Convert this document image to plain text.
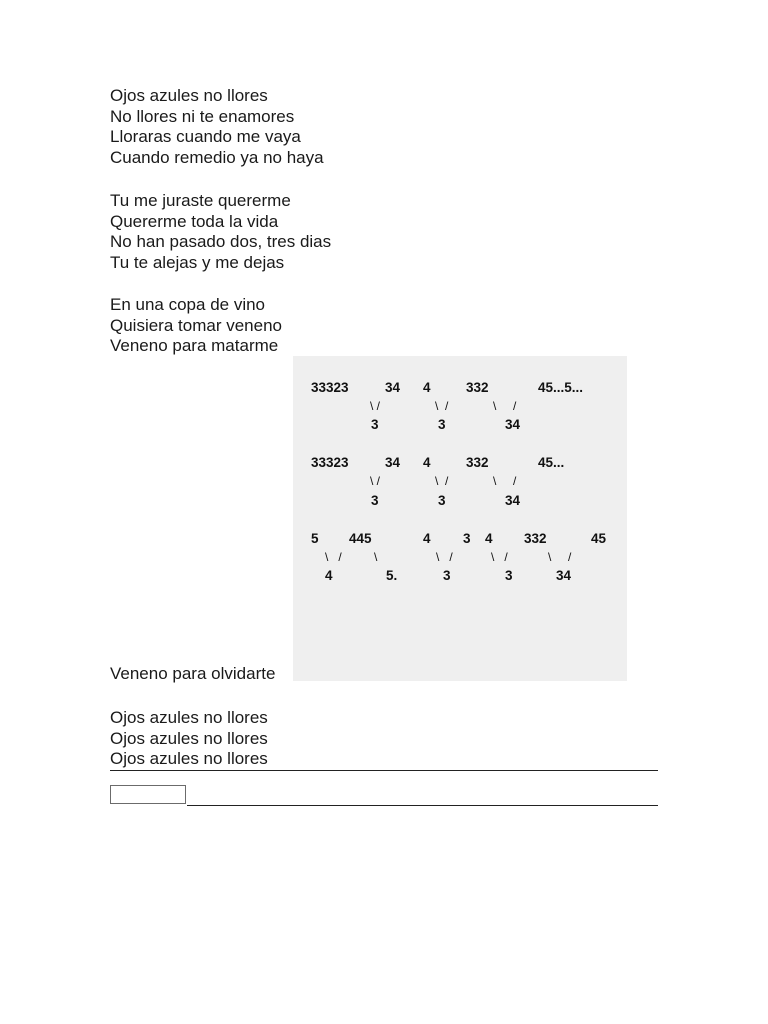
Ojos azules no llores
No llores ni te enamores
Lloraras cuando me vaya
Cuando remedio ya no haya
Tu me juraste quererme
Quererme toda la vida
No han pasado dos, tres dias
Tu te alejas y me dejas
En una copa de vino
Quisiera tomar veneno
Veneno para matarme
33323	34 4	332	45...5...
\ /	\  /	\     /
3	3	34
33323	34 4	332	45...
\ /	\  /	\     /
3	3	34
5 445	4 3 4 332	45
\   /	\	\   /	\   /	\     /
4	5.	3	3	34
Veneno para olvidarte
Ojos azules no llores
Ojos azules no llores
Ojos azules no llores
